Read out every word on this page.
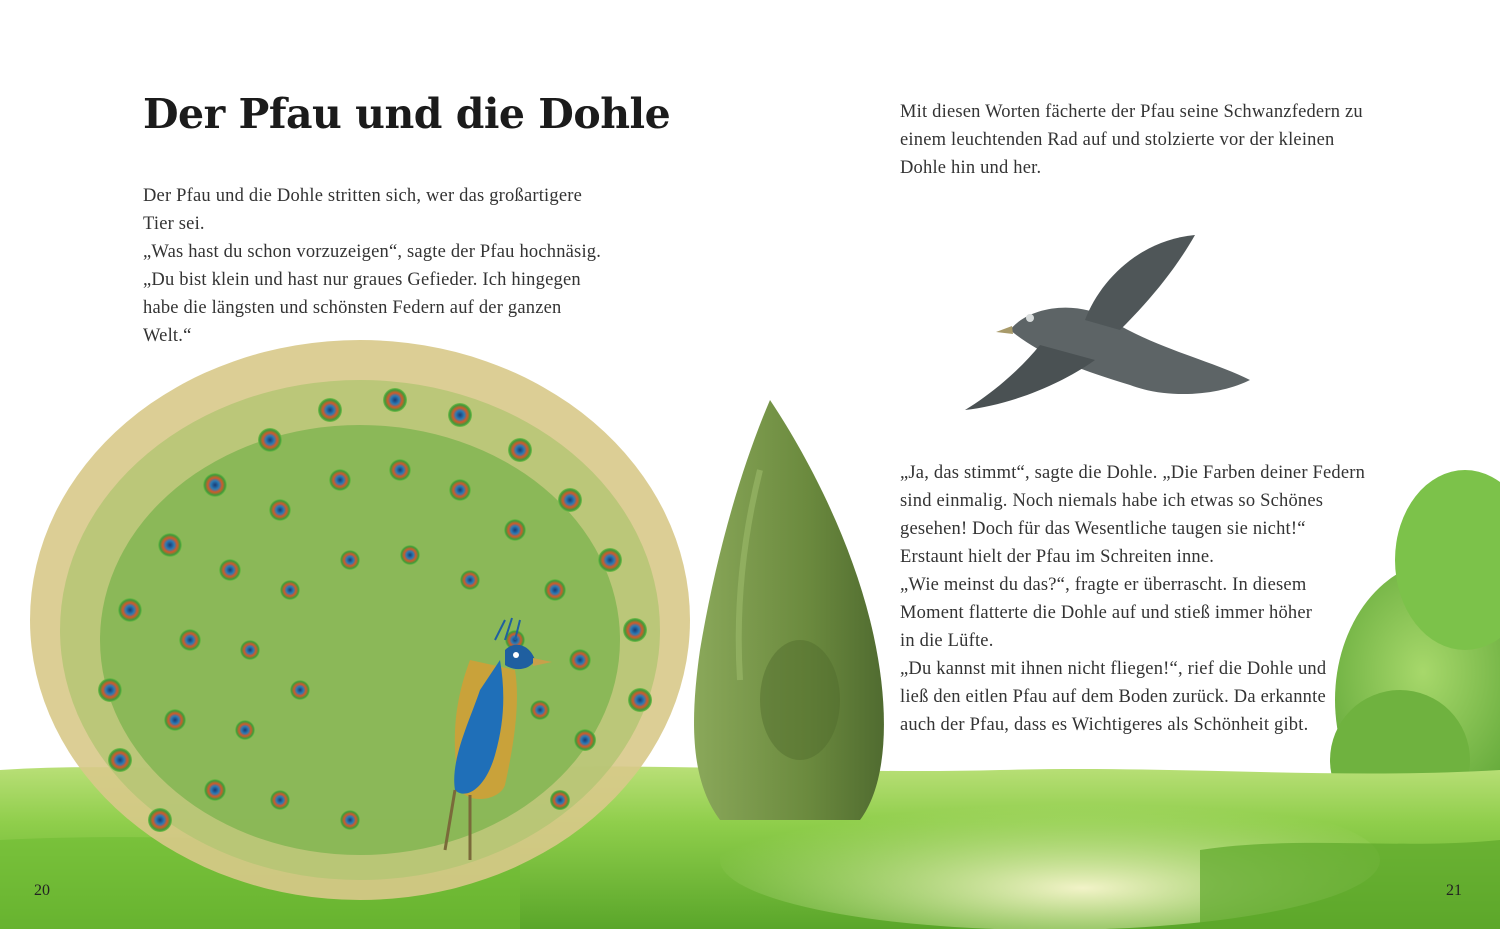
Der Pfau und die Dohle

Der Pfau und die Dohle stritten sich, wer das großartigere
Tier sei.
„Was hast du schon vorzuzeigen“, sagte der Pfau hochnäsig.
„Du bist klein und hast nur graues Gefieder. Ich hingegen
habe die längsten und schönsten Federn auf der ganzen
Welt.“

Mit diesen Worten fächerte der Pfau seine Schwanzfedern zu
einem leuchtenden Rad auf und stolzierte vor der kleinen
Dohle hin und her.

„Ja, das stimmt“, sagte die Dohle. „Die Farben deiner Federn
sind einmalig. Noch niemals habe ich etwas so Schönes
gesehen! Doch für das Wesentliche taugen sie nicht!“
Erstaunt hielt der Pfau im Schreiten inne.
„Wie meinst du das?“, fragte er überrascht. In diesem
Moment flatterte die Dohle auf und stieß immer höher
in die Lüfte.
„Du kannst mit ihnen nicht fliegen!“, rief die Dohle und
ließ den eitlen Pfau auf dem Boden zurück. Da erkannte
auch der Pfau, dass es Wichtigeres als Schönheit gibt.

20	21
